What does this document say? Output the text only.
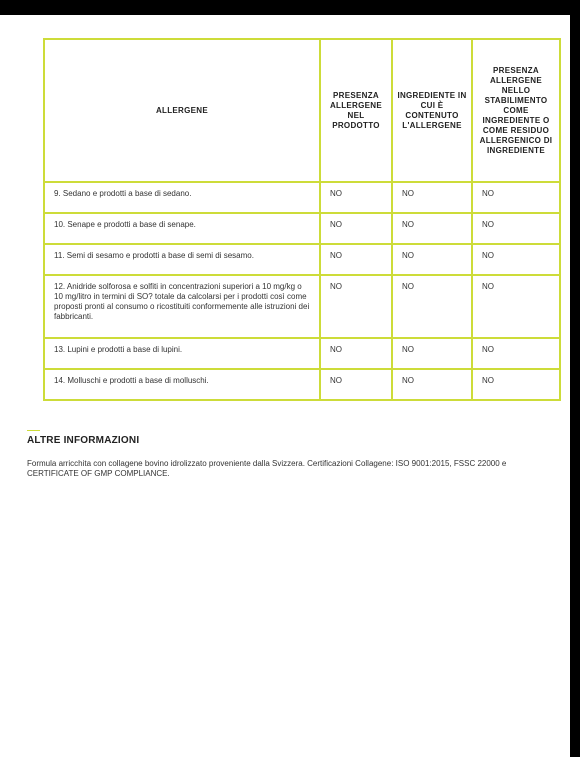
ALLERGENE	PRESENZA ALLERGENE NEL PRODOTTO	INGREDIENTE IN CUI È CONTENUTO L'ALLERGENE	PRESENZA ALLERGENE NELLO STABILIMENTO COME INGREDIENTE O COME RESIDUO ALLERGENICO DI INGREDIENTE
9. Sedano e prodotti a base di sedano.	NO	NO	NO
10. Senape e prodotti a base di senape.	NO	NO	NO
11. Semi di sesamo e prodotti a base di semi di sesamo.	NO	NO	NO
12. Anidride solforosa e solfiti in concentrazioni superiori a 10 mg/kg o 10 mg/litro in termini di SO? totale da calcolarsi per i prodotti così come proposti pronti al consumo o ricostituiti conformemente alle istruzioni dei fabbricanti.	NO	NO	NO
13. Lupini e prodotti a base di lupini.	NO	NO	NO
14. Molluschi e prodotti a base di molluschi.	NO	NO	NO
ALTRE INFORMAZIONI

Formula arricchita con collagene bovino idrolizzato proveniente dalla Svizzera. Certificazioni Collagene: ISO 9001:2015, FSSC 22000 e CERTIFICATE OF GMP COMPLIANCE.
